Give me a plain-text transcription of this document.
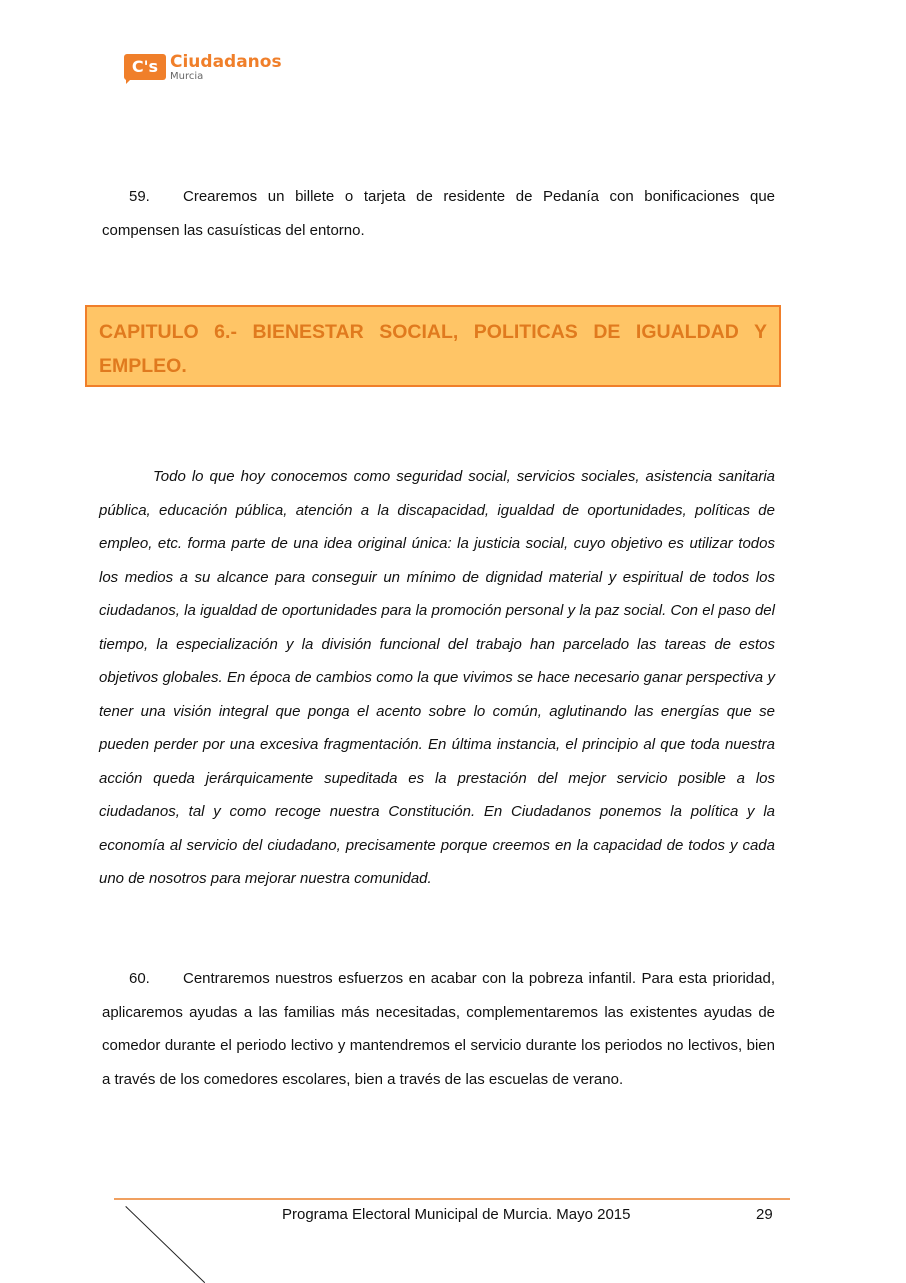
C's Ciudadanos
Murcia

59. Crearemos un billete o tarjeta de residente de Pedanía con bonificaciones que compensen las casuísticas del entorno.

CAPITULO 6.- BIENESTAR SOCIAL, POLITICAS DE IGUALDAD Y EMPLEO.

Todo lo que hoy conocemos como seguridad social, servicios sociales, asistencia sanitaria pública, educación pública, atención a la discapacidad, igualdad de oportunidades, políticas de empleo, etc. forma parte de una idea original única: la justicia social, cuyo objetivo es utilizar todos los medios a su alcance para conseguir un mínimo de dignidad material y espiritual de todos los ciudadanos, la igualdad de oportunidades para la promoción personal y la paz social. Con el paso del tiempo, la especialización y la división funcional del trabajo han parcelado las tareas de estos objetivos globales. En época de cambios como la que vivimos se hace necesario ganar perspectiva y tener una visión integral que ponga el acento sobre lo común, aglutinando las energías que se pueden perder por una excesiva fragmentación. En última instancia, el principio al que toda nuestra acción queda jerárquicamente supeditada es la prestación del mejor servicio posible a los ciudadanos, tal y como recoge nuestra Constitución. En Ciudadanos ponemos la política y la economía al servicio del ciudadano, precisamente porque creemos en la capacidad de todos y cada uno de nosotros para mejorar nuestra comunidad.

60. Centraremos nuestros esfuerzos en acabar con la pobreza infantil. Para esta prioridad, aplicaremos ayudas a las familias más necesitadas, complementaremos las existentes ayudas de comedor durante el periodo lectivo y mantendremos el servicio durante los periodos no lectivos, bien a través de los comedores escolares, bien a través de las escuelas de verano.

Programa Electoral Municipal de Murcia. Mayo 2015	29
